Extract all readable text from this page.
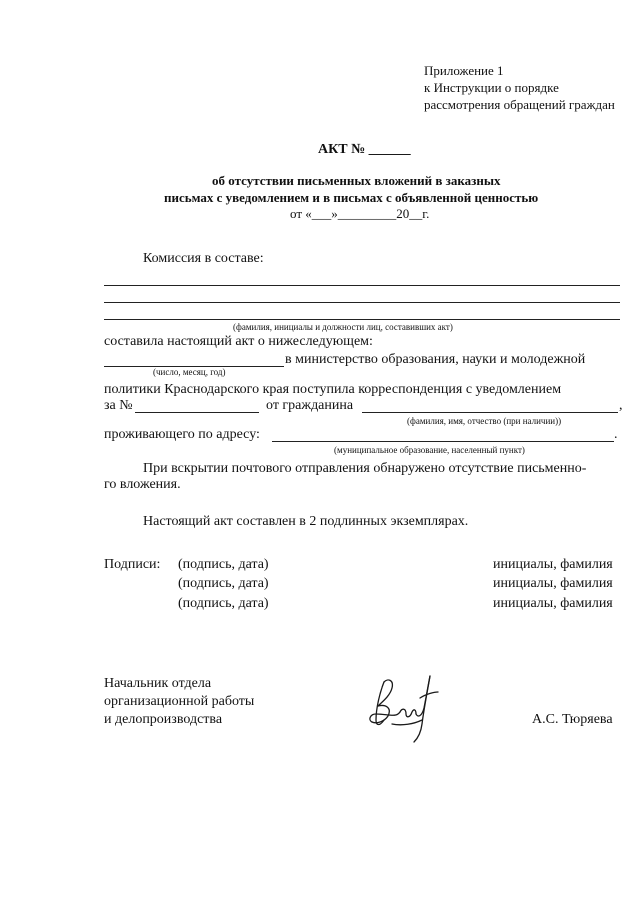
Приложение 1
к Инструкции о порядке
рассмотрения обращений граждан
АКТ № ______
об отсутствии письменных вложений в заказных
письмах с уведомлением и в письмах с объявленной ценностью
от «___»_________20__г.
Комиссия в составе:
(фамилия, инициалы и должности лиц, составивших акт)
составила настоящий акт о нижеследующем:
в министерство образования, науки и молодежной
(число, месяц, год)
политики Краснодарского края поступила корреспонденция с уведомлением
за №	от гражданина	,
(фамилия, имя, отчество (при наличии))
проживающего по адресу:	.
(муниципальное образование, населенный пункт)
При вскрытии почтового отправления обнаружено отсутствие письменно-
го вложения.
Настоящий акт составлен в 2 подлинных экземплярах.
Подписи: (подпись, дата)	инициалы, фамилия
(подпись, дата)	инициалы, фамилия
(подпись, дата)	инициалы, фамилия
Начальник отдела
организационной работы
и делопроизводства	А.С. Тюряева
